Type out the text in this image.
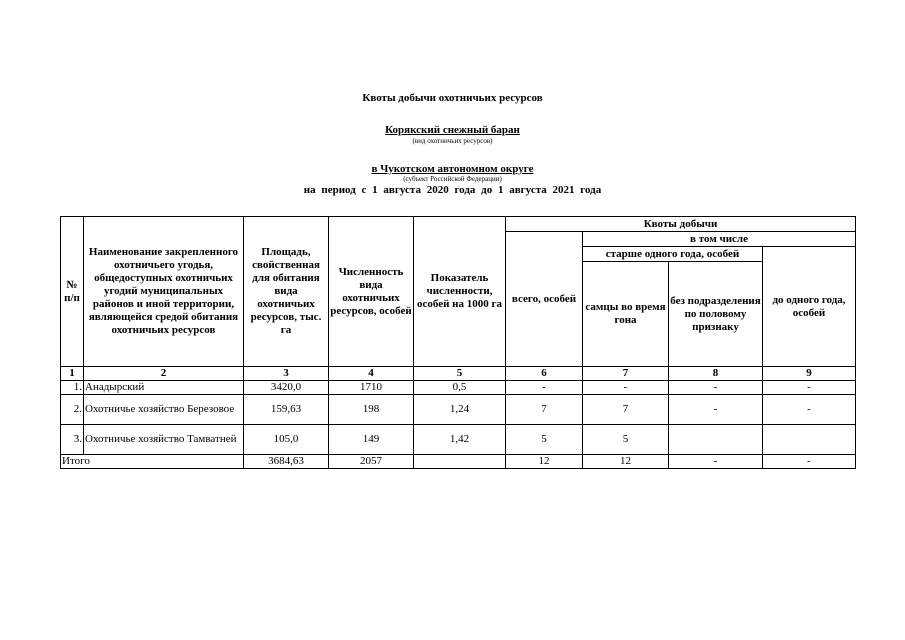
Квоты добычи охотничьих ресурсов
Корякский снежный баран
(вид охотничьих ресурсов)
в Чукотском автономном округе
(субъект Российской Федерации)
на период с 1 августа 2020 года до 1 августа 2021 года
№ п/п	Наименование закрепленного охотничьего угодья, общедоступных охотничьих угодий муниципальных районов и иной территории, являющейся средой обитания охотничьих ресурсов	Площадь, свойственная для обитания вида охотничьих ресурсов, тыс. га	Численность вида охотничьих ресурсов, особей	Показатель численности, особей на 1000 га	Квоты добычи			
					всего, особей	в том числе		
						старше одного года, особей		до одного года, особей
						самцы во время гона	без подразделения по половому признаку	
1	2	3	4	5	6	7	8	9
1.	Анадырский	3420,0	1710	0,5	-	-	-	-
2.	Охотничье хозяйство Березовое	159,63	198	1,24	7	7	-	-
3.	Охотничье хозяйство Тамватней	105,0	149	1,42	5	5		
Итого		3684,63	2057		12	12	-	-
